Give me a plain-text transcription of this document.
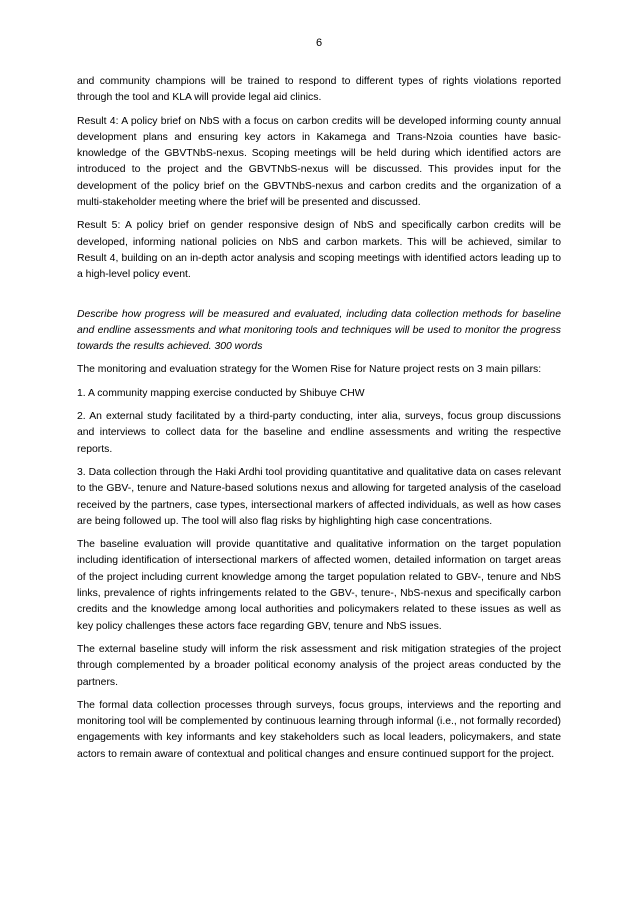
6

and community champions will be trained to respond to different types of rights violations reported through the tool and KLA will provide legal aid clinics.

Result 4: A policy brief on NbS with a focus on carbon credits will be developed informing county annual development plans and ensuring key actors in Kakamega and Trans-Nzoia counties have basic-knowledge of the GBVTNbS-nexus. Scoping meetings will be held during which identified actors are introduced to the project and the GBVTNbS-nexus will be discussed. This provides input for the development of the policy brief on the GBVTNbS-nexus and carbon credits and the organization of a multi-stakeholder meeting where the brief will be presented and discussed.

Result 5: A policy brief on gender responsive design of NbS and specifically carbon credits will be developed, informing national policies on NbS and carbon markets. This will be achieved, similar to Result 4, building on an in-depth actor analysis and scoping meetings with identified actors leading up to a high-level policy event.

Describe how progress will be measured and evaluated, including data collection methods for baseline and endline assessments and what monitoring tools and techniques will be used to monitor the progress towards the results achieved. 300 words

The monitoring and evaluation strategy for the Women Rise for Nature project rests on 3 main pillars:

1. A community mapping exercise conducted by Shibuye CHW

2. An external study facilitated by a third-party conducting, inter alia, surveys, focus group discussions and interviews to collect data for the baseline and endline assessments and writing the respective reports.

3. Data collection through the Haki Ardhi tool providing quantitative and qualitative data on cases relevant to the GBV-, tenure and Nature-based solutions nexus and allowing for targeted analysis of the caseload received by the partners, case types, intersectional markers of affected individuals, as well as how cases are being followed up. The tool will also flag risks by highlighting high case concentrations.

The baseline evaluation will provide quantitative and qualitative information on the target population including identification of intersectional markers of affected women, detailed information on target areas of the project including current knowledge among the target population related to GBV-, tenure and NbS links, prevalence of rights infringements related to the GBV-, tenure-, NbS-nexus and specifically carbon credits and the knowledge among local authorities and policymakers related to these issues as well as key policy challenges these actors face regarding GBV, tenure and NbS issues.

The external baseline study will inform the risk assessment and risk mitigation strategies of the project through complemented by a broader political economy analysis of the project areas conducted by the partners.

The formal data collection processes through surveys, focus groups, interviews and the reporting and monitoring tool will be complemented by continuous learning through informal (i.e., not formally recorded) engagements with key informants and key stakeholders such as local leaders, policymakers, and state actors to remain aware of contextual and political changes and ensure continued support for the project.
